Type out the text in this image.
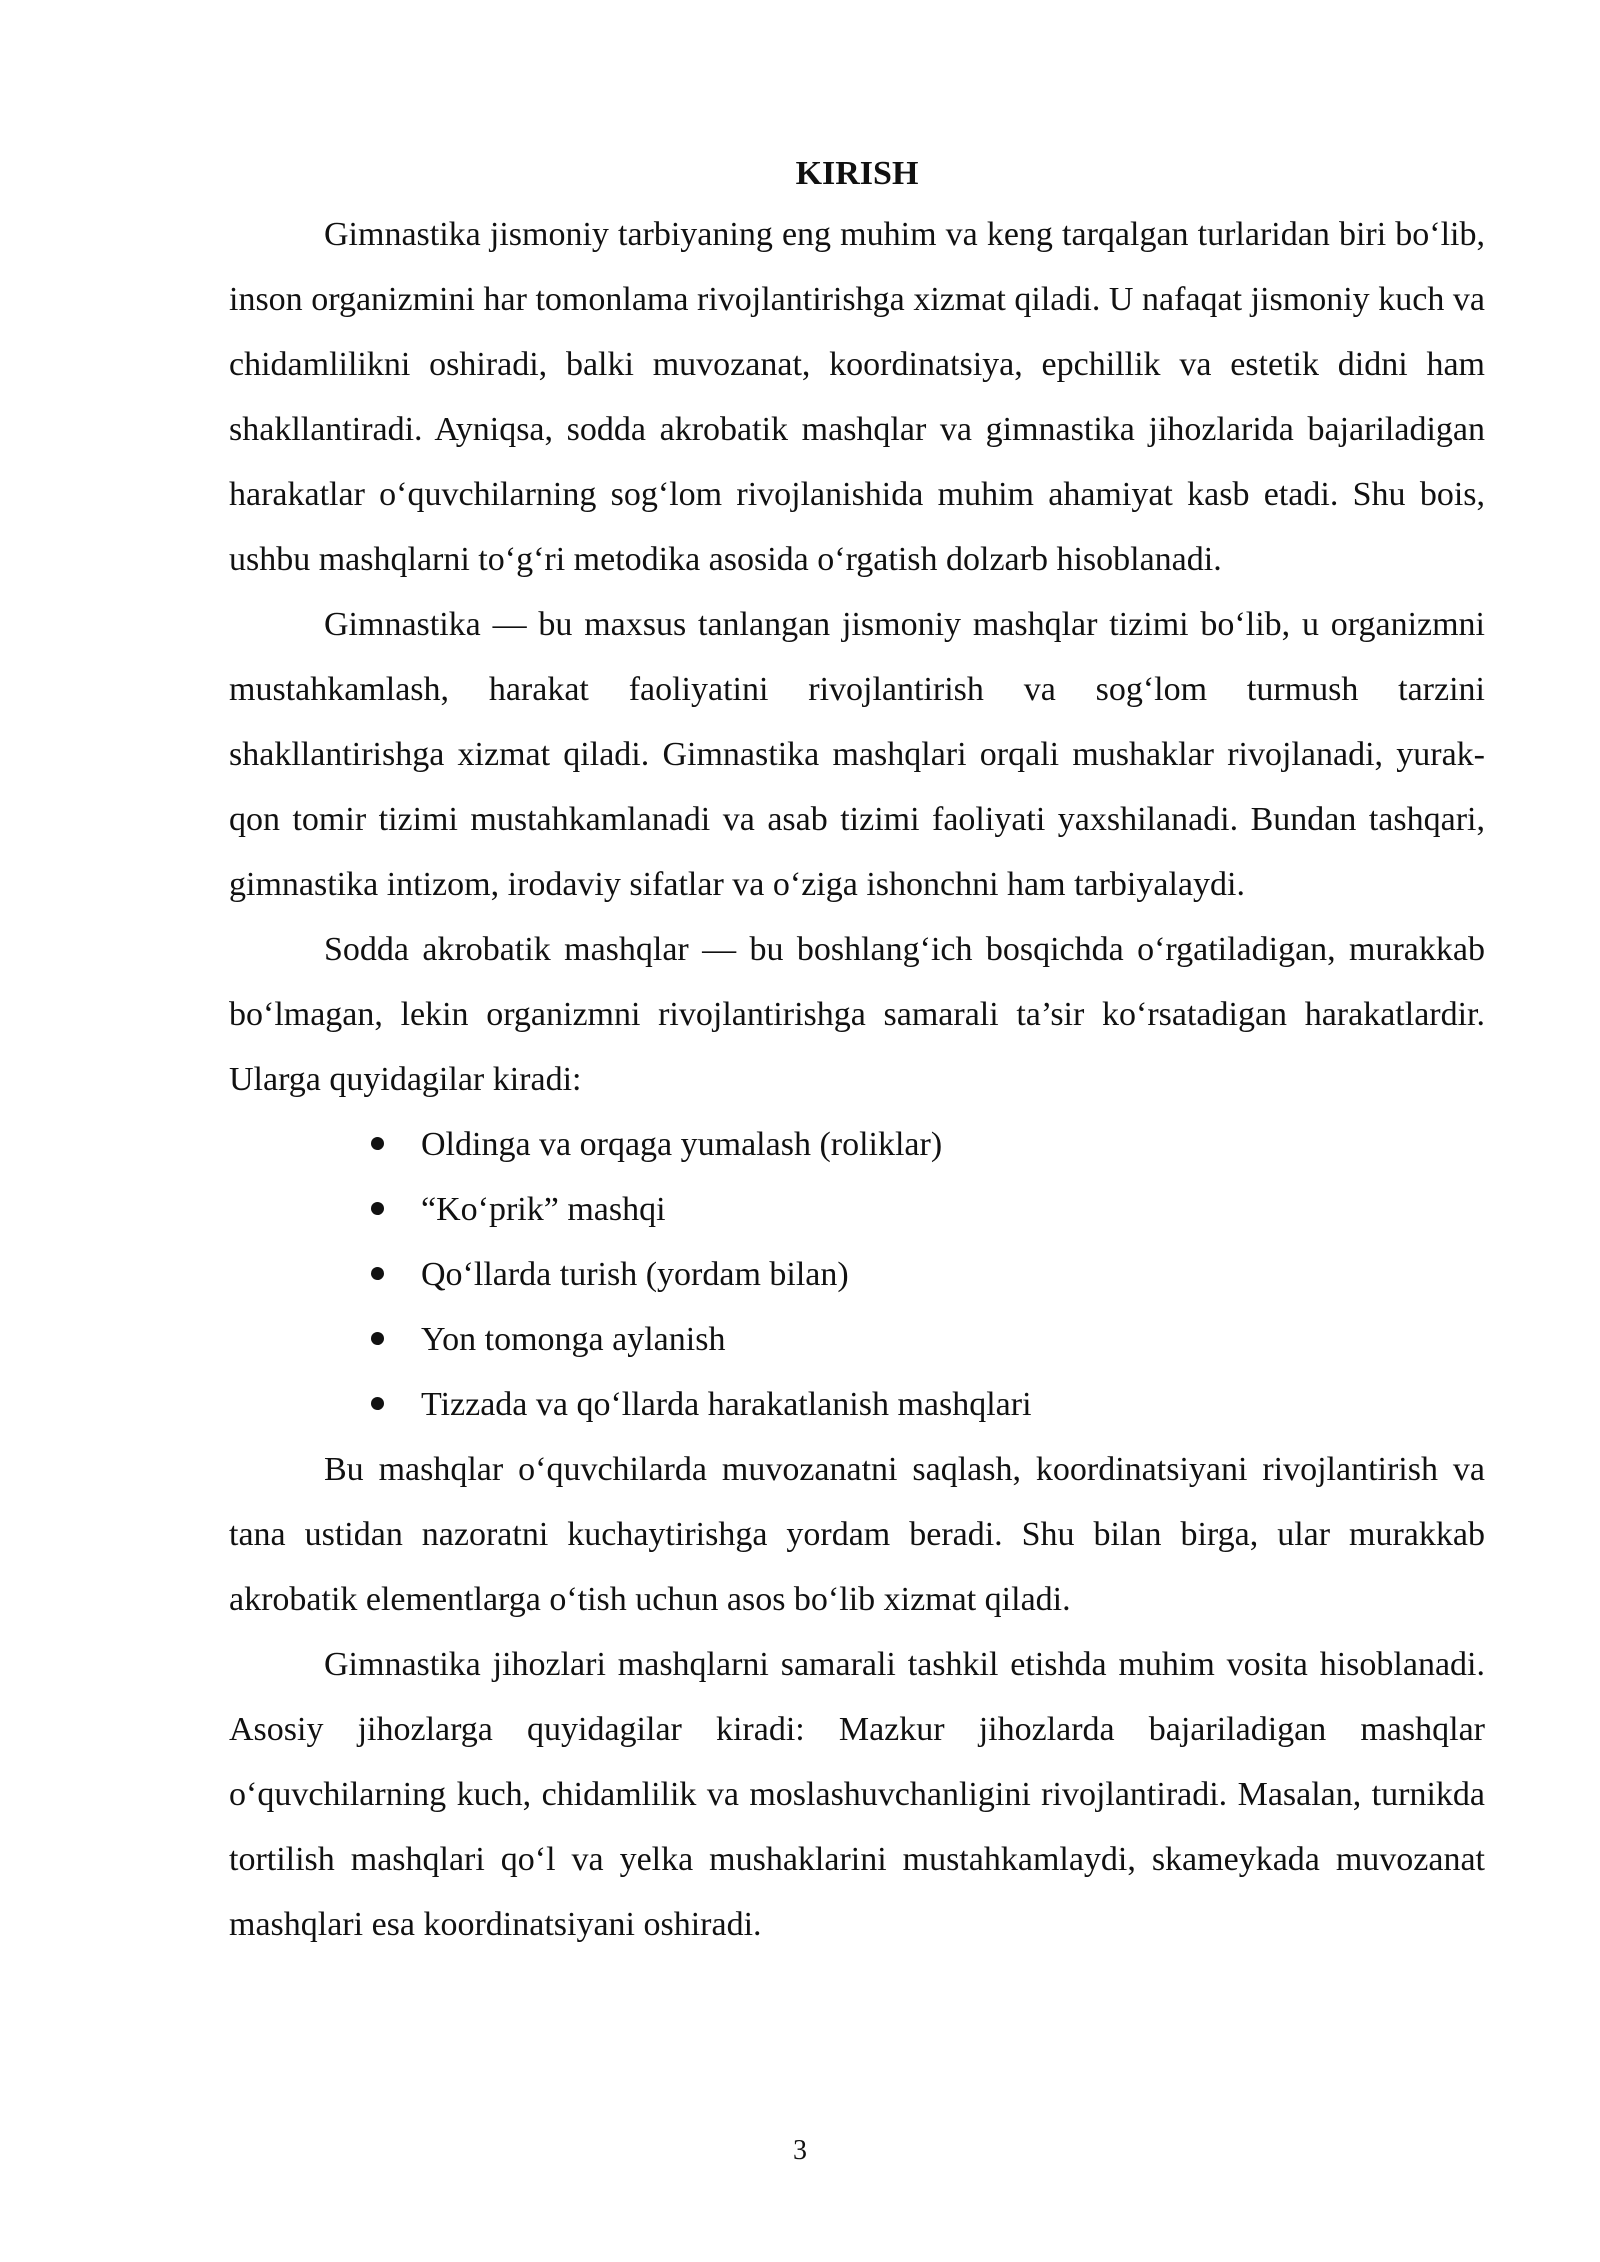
KIRISH

Gimnastika jismoniy tarbiyaning eng muhim va keng tarqalgan turlaridan biri bo‘lib, inson organizmini har tomonlama rivojlantirishga xizmat qiladi. U nafaqat jismoniy kuch va chidamlilikni oshiradi, balki muvozanat, koordinatsiya, epchillik va estetik didni ham shakllantiradi. Ayniqsa, sodda akrobatik mashqlar va gimnastika jihozlarida bajariladigan harakatlar o‘quvchilarning sog‘lom rivojlanishida muhim ahamiyat kasb etadi. Shu bois, ushbu mashqlarni to‘g‘ri metodika asosida o‘rgatish dolzarb hisoblanadi.

Gimnastika — bu maxsus tanlangan jismoniy mashqlar tizimi bo‘lib, u organizmni mustahkamlash, harakat faoliyatini rivojlantirish va sog‘lom turmush tarzini shakllantirishga xizmat qiladi. Gimnastika mashqlari orqali mushaklar rivojlanadi, yurak-qon tomir tizimi mustahkamlanadi va asab tizimi faoliyati yaxshilanadi. Bundan tashqari, gimnastika intizom, irodaviy sifatlar va o‘ziga ishonchni ham tarbiyalaydi.

Sodda akrobatik mashqlar — bu boshlang‘ich bosqichda o‘rgatiladigan, murakkab bo‘lmagan, lekin organizmni rivojlantirishga samarali ta’sir ko‘rsatadigan harakatlardir. Ularga quyidagilar kiradi:

Oldinga va orqaga yumalash (roliklar)
“Ko‘prik” mashqi
Qo‘llarda turish (yordam bilan)
Yon tomonga aylanish
Tizzada va qo‘llarda harakatlanish mashqlari

Bu mashqlar o‘quvchilarda muvozanatni saqlash, koordinatsiyani rivojlantirish va tana ustidan nazoratni kuchaytirishga yordam beradi. Shu bilan birga, ular murakkab akrobatik elementlarga o‘tish uchun asos bo‘lib xizmat qiladi.

Gimnastika jihozlari mashqlarni samarali tashkil etishda muhim vosita hisoblanadi. Asosiy jihozlarga quyidagilar kiradi: Mazkur jihozlarda bajariladigan mashqlar o‘quvchilarning kuch, chidamlilik va moslashuvchanligini rivojlantiradi. Masalan, turnikda tortilish mashqlari qo‘l va yelka mushaklarini mustahkamlaydi, skameykada muvozanat mashqlari esa koordinatsiyani oshiradi.

3
